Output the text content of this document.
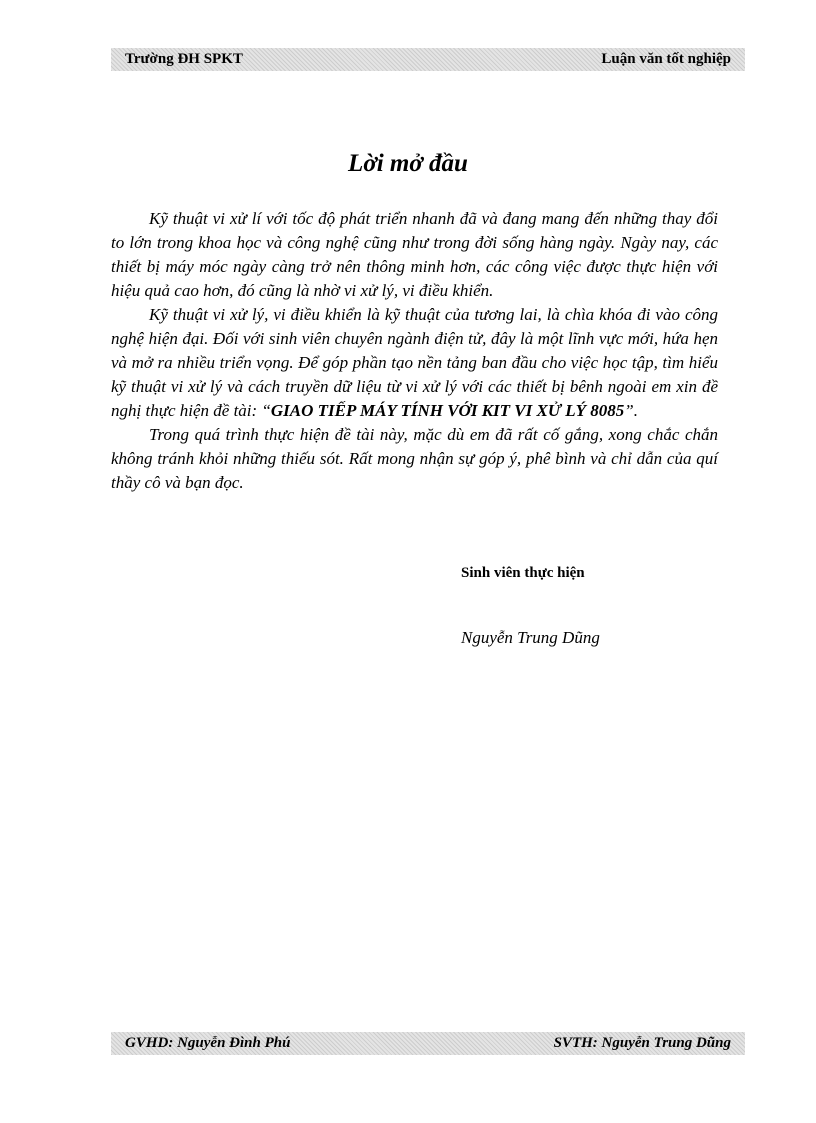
Trường ĐH SPKT	Luận văn tốt nghiệp
Lời mở đầu

Kỹ thuật vi xử lí với tốc độ phát triển nhanh đã và đang mang đến những thay đổi to lớn trong khoa học và công nghệ cũng như trong đời sống hàng ngày. Ngày nay, các thiết bị máy móc ngày càng trở nên thông minh hơn, các công việc được thực hiện với hiệu quả cao hơn, đó cũng là nhờ vi xử lý, vi điều khiển.

Kỹ thuật vi xử lý, vi điều khiển là kỹ thuật của tương lai, là chìa khóa đi vào công nghệ hiện đại. Đối với sinh viên chuyên ngành điện tử, đây là một lĩnh vực mới, hứa hẹn và mở ra nhiều triển vọng. Để góp phần tạo nền tảng ban đầu cho việc học tập, tìm hiểu kỹ thuật vi xử lý và cách truyền dữ liệu từ vi xử lý với các thiết bị bênh ngoài em xin đề nghị thực hiện đề tài: “GIAO TIẾP MÁY TÍNH VỚI KIT VI XỬ LÝ 8085”.

Trong quá trình thực hiện đề tài này, mặc dù em đã rất cố gắng, xong chắc chắn không tránh khỏi những thiếu sót. Rất mong nhận sự góp ý, phê bình và chỉ dẫn của quí thầy cô và bạn đọc.

Sinh viên thực hiện
Nguyễn Trung Dũng
GVHD: Nguyễn Đình Phú	SVTH: Nguyễn Trung Dũng
